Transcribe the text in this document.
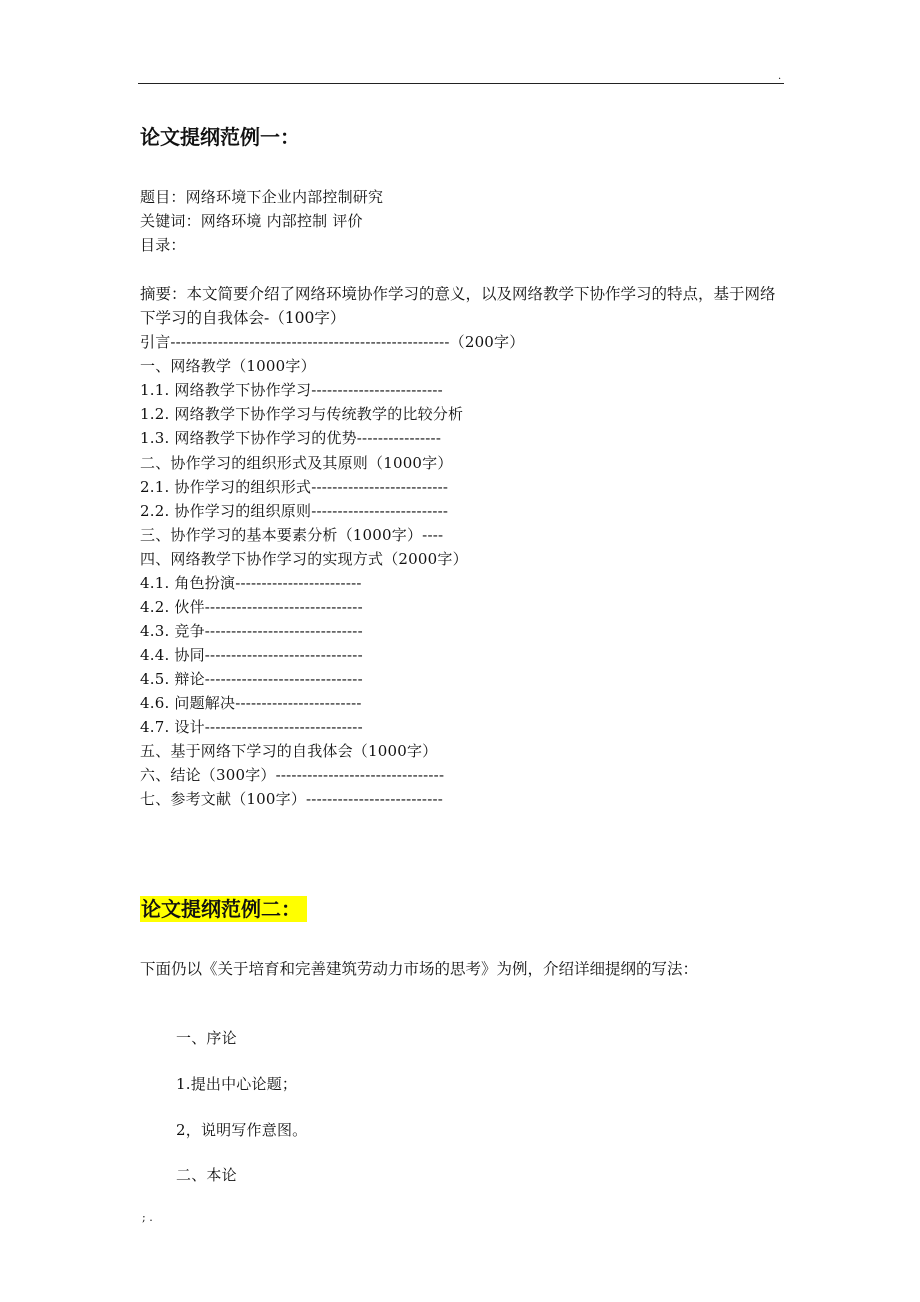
.
论文提纲范例一：
题目：网络环境下企业内部控制研究
关键词：网络环境 内部控制 评价
目录：
摘要：本文简要介绍了网络环境协作学习的意义，以及网络教学下协作学习的特点，基于网络下学习的自我体会-（100字）
引言-----------------------------------------------------（200字）
一、网络教学（1000字）
1.1. 网络教学下协作学习-------------------------
1.2. 网络教学下协作学习与传统教学的比较分析
1.3. 网络教学下协作学习的优势----------------
二、协作学习的组织形式及其原则（1000字）
2.1. 协作学习的组织形式--------------------------
2.2. 协作学习的组织原则--------------------------
三、协作学习的基本要素分析（1000字）----
四、网络教学下协作学习的实现方式（2000字）
4.1. 角色扮演------------------------
4.2. 伙伴------------------------------
4.3. 竞争------------------------------
4.4. 协同------------------------------
4.5. 辩论------------------------------
4.6. 问题解决------------------------
4.7. 设计------------------------------
五、基于网络下学习的自我体会（1000字）
六、结论（300字）--------------------------------
七、参考文献（100字）--------------------------
论文提纲范例二：
下面仍以《关于培育和完善建筑劳动力市场的思考》为例，介绍详细提纲的写法：
一、序论
1.提出中心论题；
2，说明写作意图。
二、本论
; .
